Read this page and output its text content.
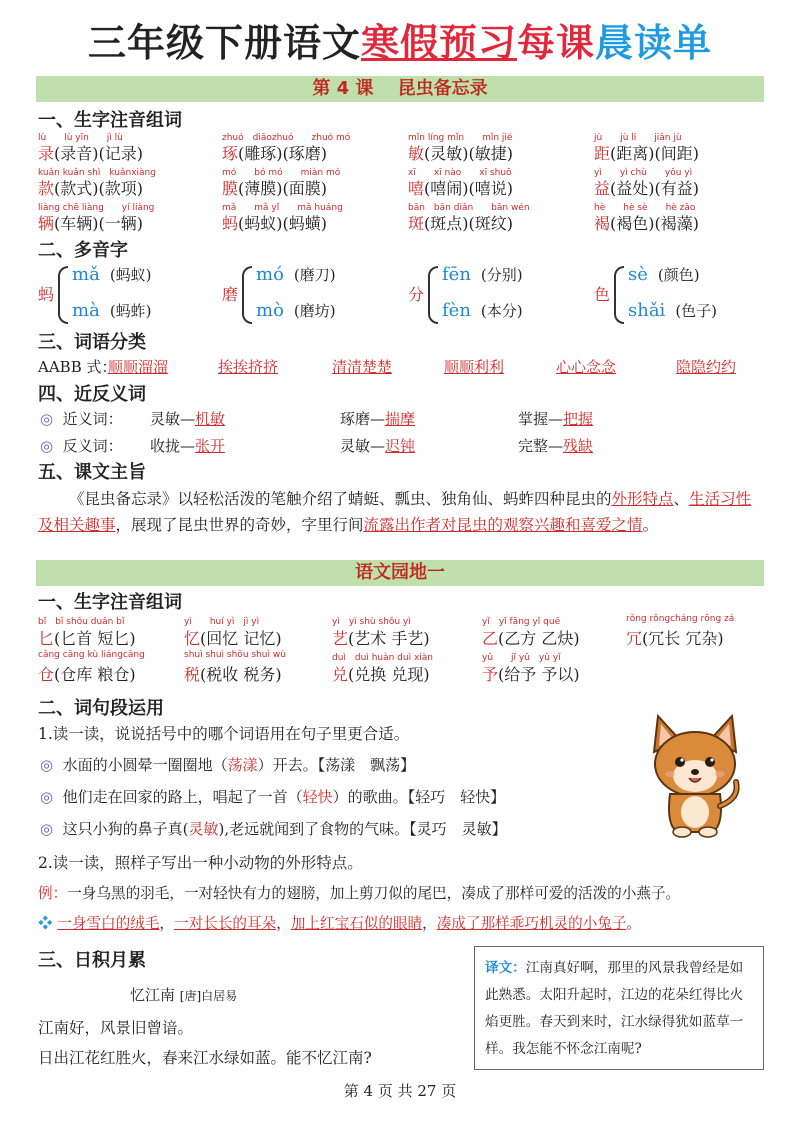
三年级下册语文寒假预习每课晨读单
第 4 课　 昆虫备忘录
一、生字注音组词
lù　　lù yīn　　jì lù
录(录音)(记录)
zhuó　diāozhuó　　zhuó mó
琢(雕琢)(琢磨)
mǐn líng mǐn　　mǐn jié
敏(灵敏)(敏捷)
jù　　jù lí　　jiān jù
距(距离)(间距)
kuǎn kuǎn shì　kuǎnxiàng
款(款式)(款项)
mó　　bó mó　　miàn mó
膜(薄膜)(面膜)
xī　　xī nào　　xī shuō
嘻(嘻闹)(嘻说)
yì　　yì chù　　yǒu yì
益(益处)(有益)
liàng chē liàng　　yí liàng
辆(车辆)(一辆)
mǎ　　mǎ yǐ　　mǎ huáng
蚂(蚂蚁)(蚂蟥)
bān　bān diǎn　　bān wén
斑(斑点)(斑纹)
hè　　hè sè　　hè zǎo
褐(褐色)(褐藻)
二、多音字
蚂
mǎ (蚂蚁)
mà (蚂蚱)
磨
mó (磨刀)
mò (磨坊)
分
fēn (分别)
fèn (本分)
色
sè (颜色)
shǎi (色子)
三、词语分类
AABB 式：
顺顺溜溜	挨挨挤挤	清清楚楚	顺顺利利	心心念念	隐隐约约
四、近反义词
◎ 近义词：
◎ 反义词：
灵敏—机敏	琢磨—揣摩	掌握—把握
收拢—张开	灵敏—迟钝	完整—残缺
五、课文主旨
《昆虫备忘录》以轻松活泼的笔触介绍了蜻蜓、瓢虫、独角仙、蚂蚱四种昆虫的外形特点、生活习性及相关趣事，展现了昆虫世界的奇妙，字里行间流露出作者对昆虫的观察兴趣和喜爱之情。
语文园地一
一、生字注音组词
bǐ　bǐ shǒu duǎn bǐ
匕(匕首 短匕)
yì　　huí yì　jì yì
忆(回忆 记忆)
yì　yì shù shǒu yì
艺(艺术 手艺)
yǐ　yǐ fāng yǐ quē
乙(乙方 乙炔)
rǒng rǒngcháng rǒng zá
冗(冗长 冗杂)
cāng cāng kù liángcāng
仓(仓库 粮仓)
shuì shuì shōu shuì wù
税(税收 税务)
duì　duì huàn duì xiàn
兑(兑换 兑现)
yǔ　　jǐ yǔ　yǔ yǐ
予(给予 予以)
二、词句段运用
1.读一读，说说括号中的哪个词语用在句子里更合适。
◎ 水面的小圆晕一圈圈地（荡漾）开去。【荡漾　飘荡】
◎ 他们走在回家的路上，唱起了一首（轻快）的歌曲。【轻巧　轻快】
◎ 这只小狗的鼻子真(灵敏),老远就闻到了食物的气味。【灵巧　灵敏】
2.读一读，照样子写出一种小动物的外形特点。
例：一身乌黑的羽毛，一对轻快有力的翅膀，加上剪刀似的尾巴，凑成了那样可爱的活泼的小燕子。
❖ 一身雪白的绒毛，一对长长的耳朵，加上红宝石似的眼睛，凑成了那样乖巧机灵的小兔子。
三、日积月累
忆江南 [唐]白居易
江南好，风景旧曾谙。
日出江花红胜火，春来江水绿如蓝。能不忆江南?
译文：江南真好啊，那里的风景我曾经是如此熟悉。太阳升起时，江边的花朵红得比火焰更胜。春天到来时，江水绿得犹如蓝草一样。我怎能不怀念江南呢?
第 4 页 共 27 页
